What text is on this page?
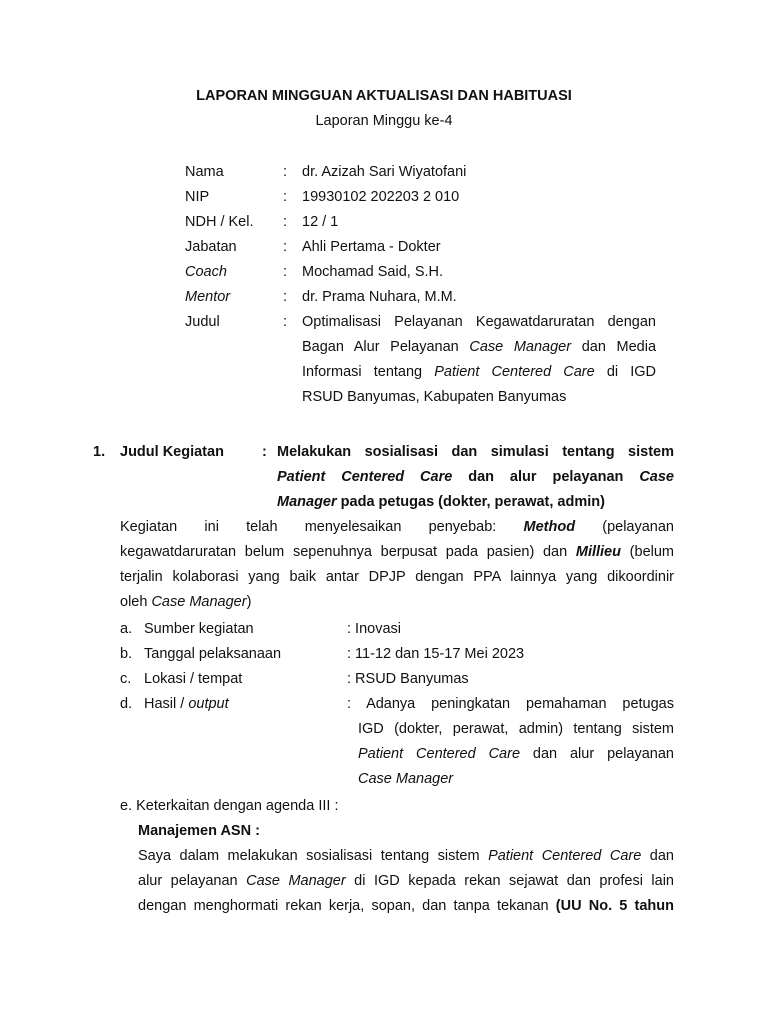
LAPORAN MINGGUAN AKTUALISASI DAN HABITUASI
Laporan Minggu ke-4
Nama	: dr. Azizah Sari Wiyatofani
NIP	: 19930102 202203 2 010
NDH / Kel. : 12 / 1
Jabatan	: Ahli Pertama - Dokter
Coach	: Mochamad Said, S.H.
Mentor	: dr. Prama Nuhara, M.M.
Judul	: Optimalisasi Pelayanan Kegawatdaruratan dengan
Bagan Alur Pelayanan Case Manager dan Media
Informasi tentang Patient Centered Care di IGD
RSUD Banyumas, Kabupaten Banyumas
1. Judul Kegiatan	: Melakukan sosialisasi dan simulasi tentang sistem
Patient Centered Care dan alur pelayanan Case
Manager pada petugas (dokter, perawat, admin)
Kegiatan ini telah menyelesaikan penyebab: Method (pelayanan
kegawatdaruratan belum sepenuhnya berpusat pada pasien) dan Millieu (belum
terjalin kolaborasi yang baik antar DPJP dengan PPA lainnya yang dikoordinir
oleh Case Manager)
a. Sumber kegiatan	: Inovasi
b. Tanggal pelaksanaan	: 11-12 dan 15-17 Mei 2023
c. Lokasi / tempat	: RSUD Banyumas
d. Hasil / output	: Adanya peningkatan pemahaman petugas
IGD (dokter, perawat, admin) tentang sistem
Patient Centered Care dan alur pelayanan
Case Manager
e. Keterkaitan dengan agenda III :
Manajemen ASN :
Saya dalam melakukan sosialisasi tentang sistem Patient Centered Care dan
alur pelayanan Case Manager di IGD kepada rekan sejawat dan profesi lain
dengan menghormati rekan kerja, sopan, dan tanpa tekanan (UU No. 5 tahun
